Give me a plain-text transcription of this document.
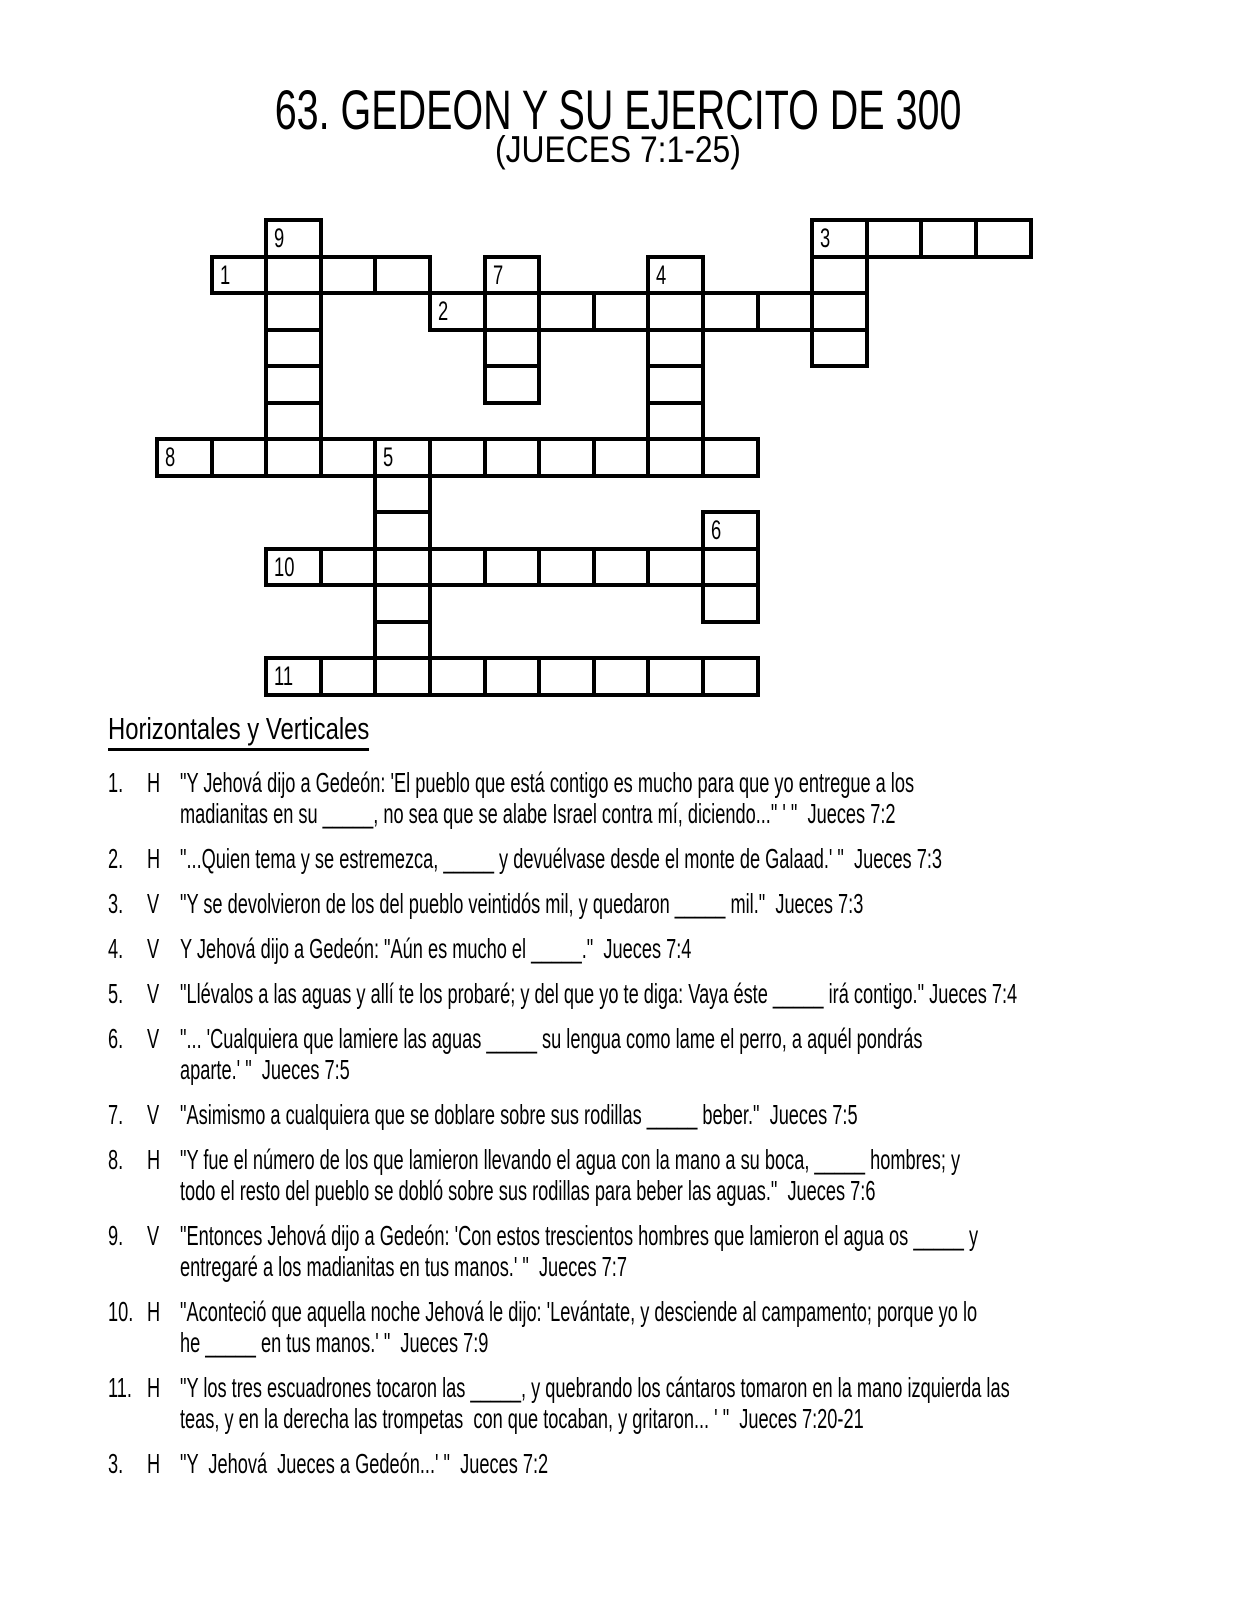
63. GEDEON Y SU EJERCITO DE 300
(JUECES 7:1-25)
9	3
1	7	4
2
8	5
6
10
11
Horizontales y Verticales
1. H "Y Jehová dijo a Gedeón: 'El pueblo que está contigo es mucho para que yo entregue a los
madianitas en su _____, no sea que se alabe Israel contra mí, diciendo..." ' "  Jueces 7:2
2. H "...Quien tema y se estremezca, _____ y devuélvase desde el monte de Galaad.' "  Jueces 7:3
3. V "Y se devolvieron de los del pueblo veintidós mil, y quedaron _____ mil."  Jueces 7:3
4. V Y Jehová dijo a Gedeón: "Aún es mucho el _____."  Jueces 7:4
5. V "Llévalos a las aguas y allí te los probaré; y del que yo te diga: Vaya éste _____ irá contigo." Jueces 7:4
6. V "... 'Cualquiera que lamiere las aguas _____ su lengua como lame el perro, a aquél pondrás
aparte.' "  Jueces 7:5
7. V "Asimismo a cualquiera que se doblare sobre sus rodillas _____ beber."  Jueces 7:5
8. H "Y fue el número de los que lamieron llevando el agua con la mano a su boca, _____ hombres; y
todo el resto del pueblo se dobló sobre sus rodillas para beber las aguas."  Jueces 7:6
9. V "Entonces Jehová dijo a Gedeón: 'Con estos trescientos hombres que lamieron el agua os _____ y
entregaré a los madianitas en tus manos.' "  Jueces 7:7
10. H "Aconteció que aquella noche Jehová le dijo: 'Levántate, y desciende al campamento; porque yo lo
he _____ en tus manos.' "  Jueces 7:9
11. H "Y los tres escuadrones tocaron las _____, y quebrando los cántaros tomaron en la mano izquierda las
teas, y en la derecha las trompetas  con que tocaban, y gritaron... ' "  Jueces 7:20-21
3. H "Y  Jehová  Jueces a Gedeón...' "  Jueces 7:2
